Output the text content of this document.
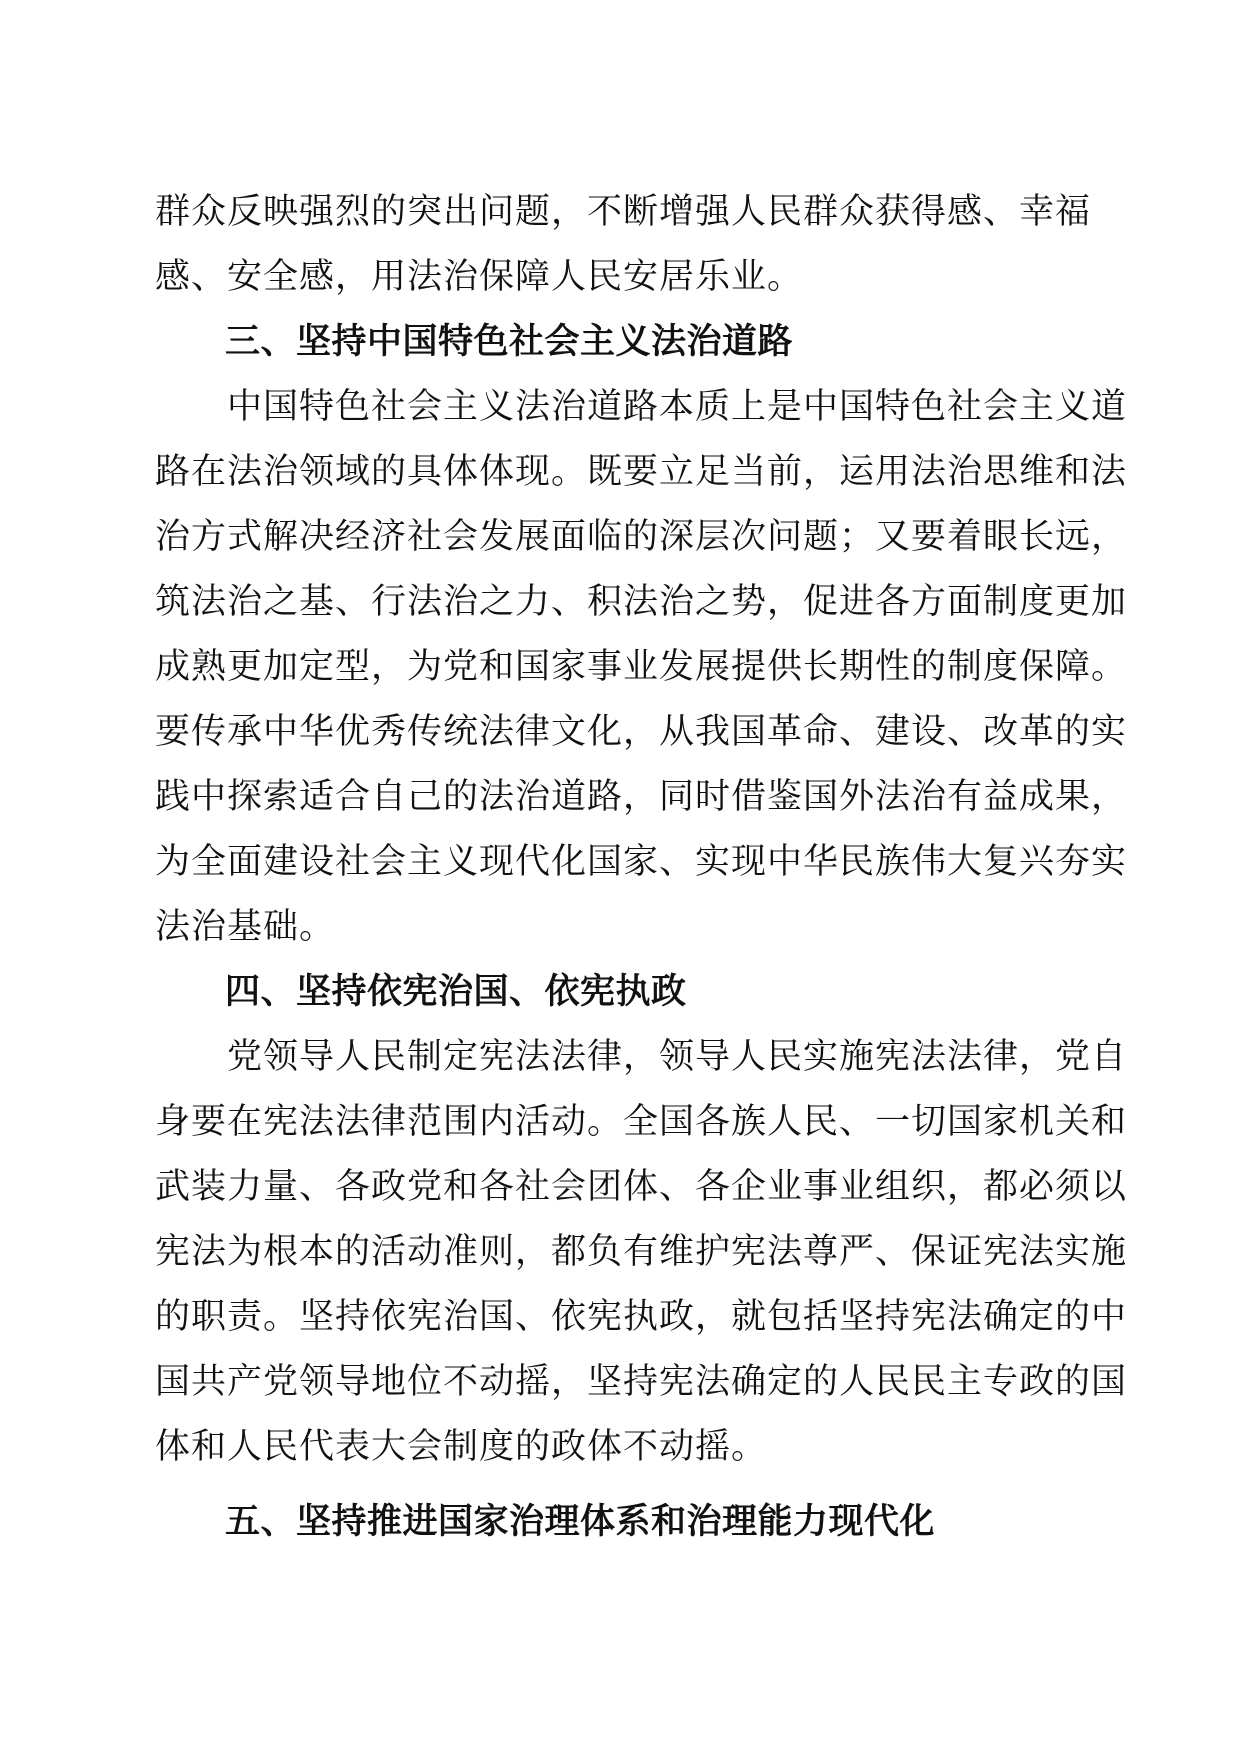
群众反映强烈的突出问题，不断增强人民群众获得感、幸福
感、安全感，用法治保障人民安居乐业。
三、坚持中国特色社会主义法治道路
　　中国特色社会主义法治道路本质上是中国特色社会主义道
路在法治领域的具体体现。既要立足当前，运用法治思维和法
治方式解决经济社会发展面临的深层次问题；又要着眼长远，
筑法治之基、行法治之力、积法治之势，促进各方面制度更加
成熟更加定型，为党和国家事业发展提供长期性的制度保障。
要传承中华优秀传统法律文化，从我国革命、建设、改革的实
践中探索适合自己的法治道路，同时借鉴国外法治有益成果，
为全面建设社会主义现代化国家、实现中华民族伟大复兴夯实
法治基础。
四、坚持依宪治国、依宪执政
　　党领导人民制定宪法法律，领导人民实施宪法法律，党自
身要在宪法法律范围内活动。全国各族人民、一切国家机关和
武装力量、各政党和各社会团体、各企业事业组织，都必须以
宪法为根本的活动准则，都负有维护宪法尊严、保证宪法实施
的职责。坚持依宪治国、依宪执政，就包括坚持宪法确定的中
国共产党领导地位不动摇，坚持宪法确定的人民民主专政的国
体和人民代表大会制度的政体不动摇。
五、坚持推进国家治理体系和治理能力现代化
